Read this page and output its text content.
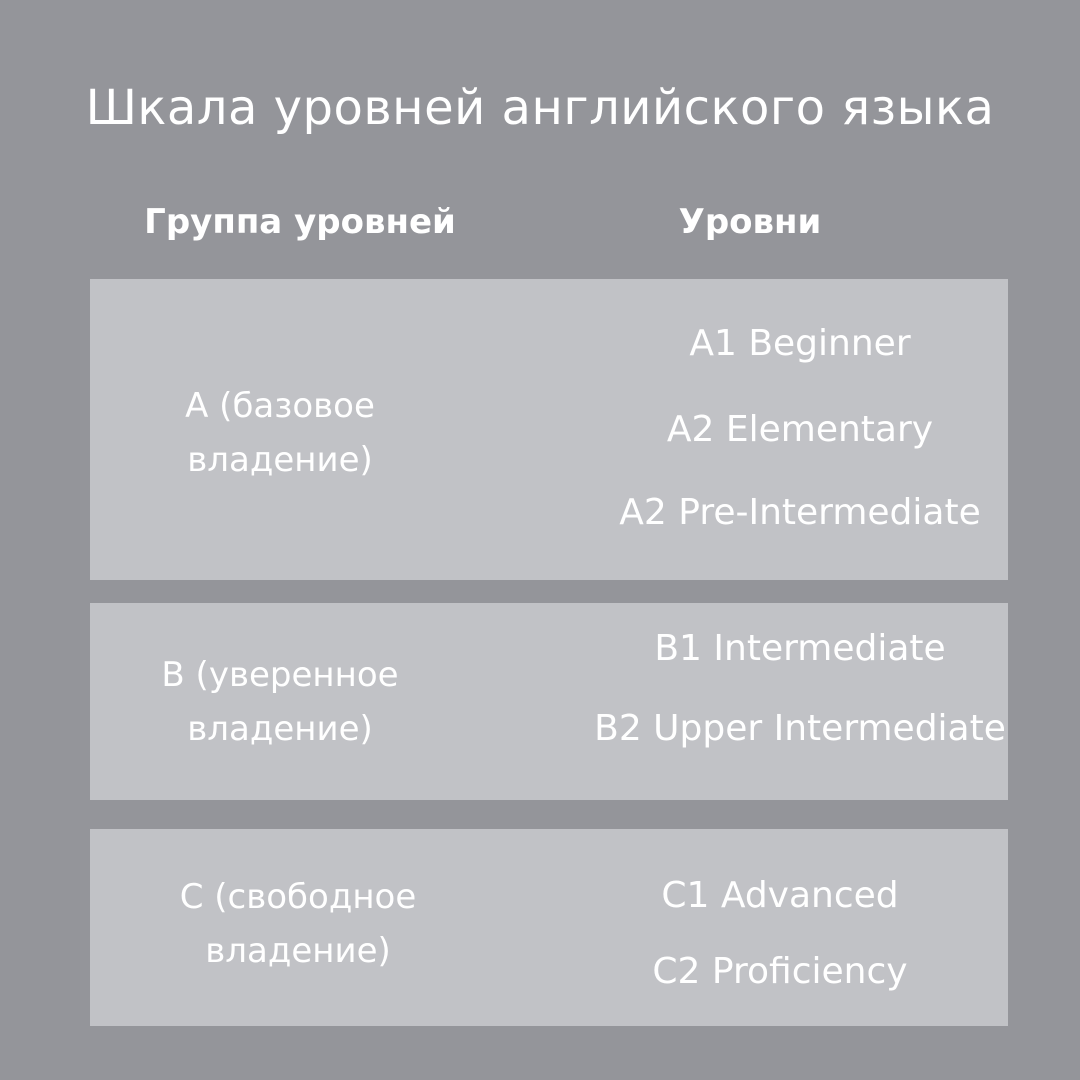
Шкала уровней английского языка
Группа уровней	Уровни
A (базовое
владение)
A1 Beginner
A2 Elementary
A2 Pre-Intermediate
B (уверенное
владение)
B1 Intermediate
B2 Upper Intermediate
C (свободное
владение)
C1 Advanced
C2 Proficiency
